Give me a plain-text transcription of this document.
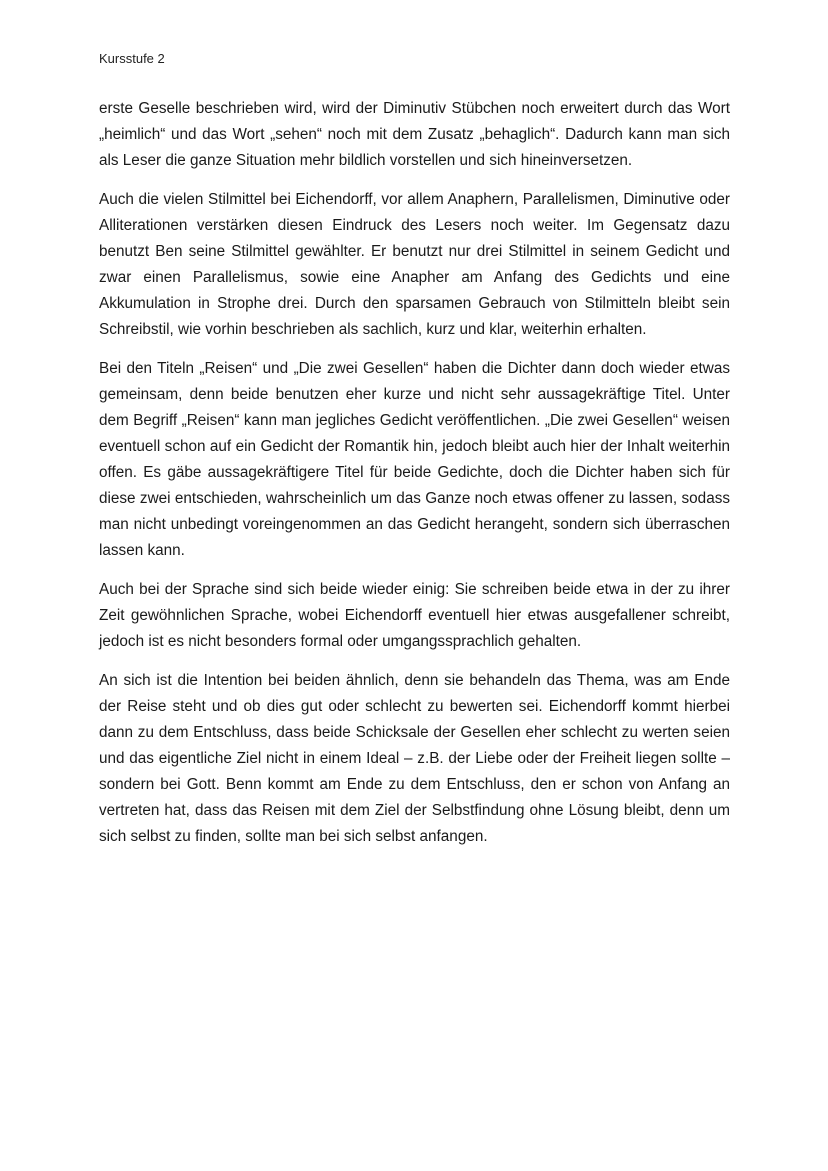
Kursstufe 2

erste Geselle beschrieben wird, wird der Diminutiv Stübchen noch erweitert durch das Wort „heimlich“ und das Wort „sehen“ noch mit dem Zusatz „behaglich“. Dadurch kann man sich als Leser die ganze Situation mehr bildlich vorstellen und sich hineinversetzen.

Auch die vielen Stilmittel bei Eichendorff, vor allem Anaphern, Parallelismen, Diminutive oder Alliterationen verstärken diesen Eindruck des Lesers noch weiter. Im Gegensatz dazu benutzt Ben seine Stilmittel gewählter. Er benutzt nur drei Stilmittel in seinem Gedicht und zwar einen Parallelismus, sowie eine Anapher am Anfang des Gedichts und eine Akkumulation in Strophe drei. Durch den sparsamen Gebrauch von Stilmitteln bleibt sein Schreibstil, wie vorhin beschrieben als sachlich, kurz und klar, weiterhin erhalten.

Bei den Titeln „Reisen“ und „Die zwei Gesellen“ haben die Dichter dann doch wieder etwas gemeinsam, denn beide benutzen eher kurze und nicht sehr aussagekräftige Titel. Unter dem Begriff „Reisen“ kann man jegliches Gedicht veröffentlichen. „Die zwei Gesellen“ weisen eventuell schon auf ein Gedicht der Romantik hin, jedoch bleibt auch hier der Inhalt weiterhin offen. Es gäbe aussagekräftigere Titel für beide Gedichte, doch die Dichter haben sich für diese zwei entschieden, wahrscheinlich um das Ganze noch etwas offener zu lassen, sodass man nicht unbedingt voreingenommen an das Gedicht herangeht, sondern sich überraschen lassen kann.

Auch bei der Sprache sind sich beide wieder einig: Sie schreiben beide etwa in der zu ihrer Zeit gewöhnlichen Sprache, wobei Eichendorff eventuell hier etwas ausgefallener schreibt, jedoch ist es nicht besonders formal oder umgangssprachlich gehalten.

An sich ist die Intention bei beiden ähnlich, denn sie behandeln das Thema, was am Ende der Reise steht und ob dies gut oder schlecht zu bewerten sei. Eichendorff kommt hierbei dann zu dem Entschluss, dass beide Schicksale der Gesellen eher schlecht zu werten seien und das eigentliche Ziel nicht in einem Ideal – z.B. der Liebe oder der Freiheit liegen sollte – sondern bei Gott. Benn kommt am Ende zu dem Entschluss, den er schon von Anfang an vertreten hat, dass das Reisen mit dem Ziel der Selbstfindung ohne Lösung bleibt, denn um sich selbst zu finden, sollte man bei sich selbst anfangen.
